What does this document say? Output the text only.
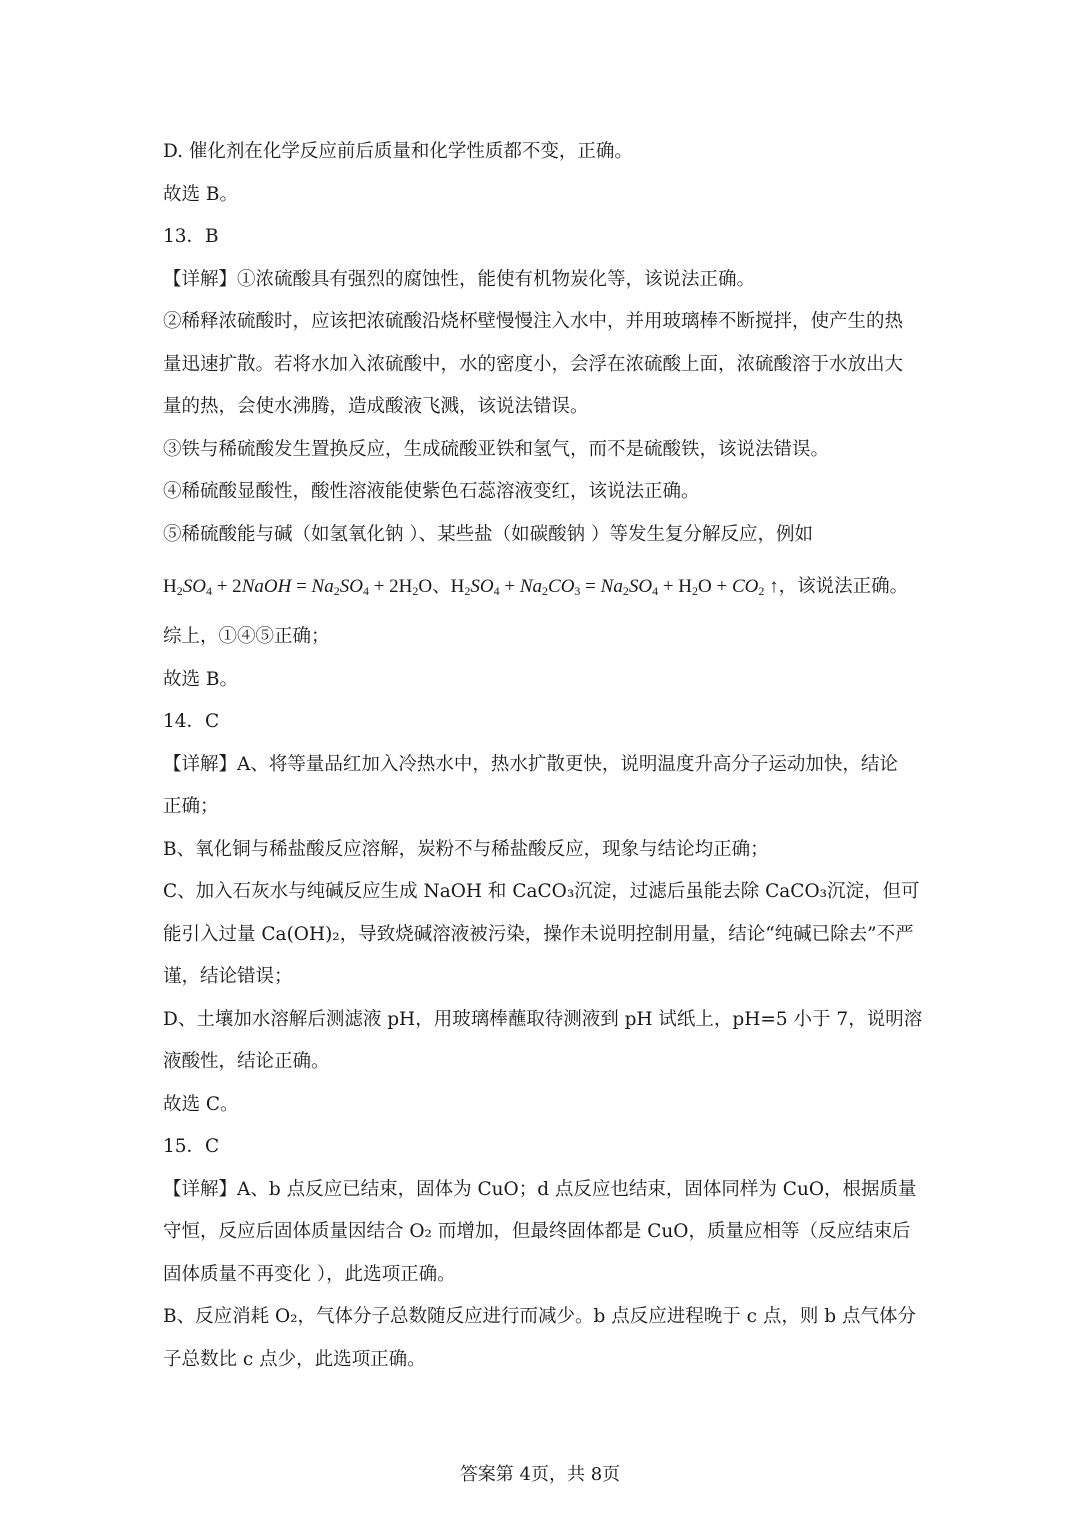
D. 催化剂在化学反应前后质量和化学性质都不变，正确。
故选 B。
13．B
【详解】①浓硫酸具有强烈的腐蚀性，能使有机物炭化等，该说法正确。
②稀释浓硫酸时，应该把浓硫酸沿烧杯壁慢慢注入水中，并用玻璃棒不断搅拌，使产生的热
量迅速扩散。若将水加入浓硫酸中，水的密度小，会浮在浓硫酸上面，浓硫酸溶于水放出大
量的热，会使水沸腾，造成酸液飞溅，该说法错误。
③铁与稀硫酸发生置换反应，生成硫酸亚铁和氢气，而不是硫酸铁，该说法错误。
④稀硫酸显酸性，酸性溶液能使紫色石蕊溶液变红，该说法正确。
⑤稀硫酸能与碱（如氢氧化钠 ）、某些盐（如碳酸钠 ）等发生复分解反应，例如
$H_2SO_4$ + 2NaOH = $Na_2SO_4 + 2H_2O$、$H_2SO_4 + Na_2CO_3 = Na_2SO_4 + H_2O + CO_2$ ↑，该说法正确。
综上，①④⑤正确；
故选 B。
14．C
【详解】A、将等量品红加入冷热水中，热水扩散更快，说明温度升高分子运动加快，结论
正确；
B、氧化铜与稀盐酸反应溶解，炭粉不与稀盐酸反应，现象与结论均正确；
C、加入石灰水与纯碱反应生成 NaOH 和 CaCO₃沉淀，过滤后虽能去除 CaCO₃沉淀，但可
能引入过量 Ca(OH)₂，导致烧碱溶液被污染，操作未说明控制用量，结论“纯碱已除去”不严
谨，结论错误；
D、土壤加水溶解后测滤液 pH，用玻璃棒蘸取待测液到 pH 试纸上，pH=5 小于 7，说明溶
液酸性，结论正确。
故选 C。
15．C
【详解】A、b 点反应已结束，固体为 CuO；d 点反应也结束，固体同样为 CuO，根据质量
守恒，反应后固体质量因结合 O₂ 而增加，但最终固体都是 CuO，质量应相等（反应结束后
固体质量不再变化 ），此选项正确。
B、反应消耗 O₂，气体分子总数随反应进行而减少。b 点反应进程晚于 c 点，则 b 点气体分
子总数比 c 点少，此选项正确。
答案第 4页，共 8页
